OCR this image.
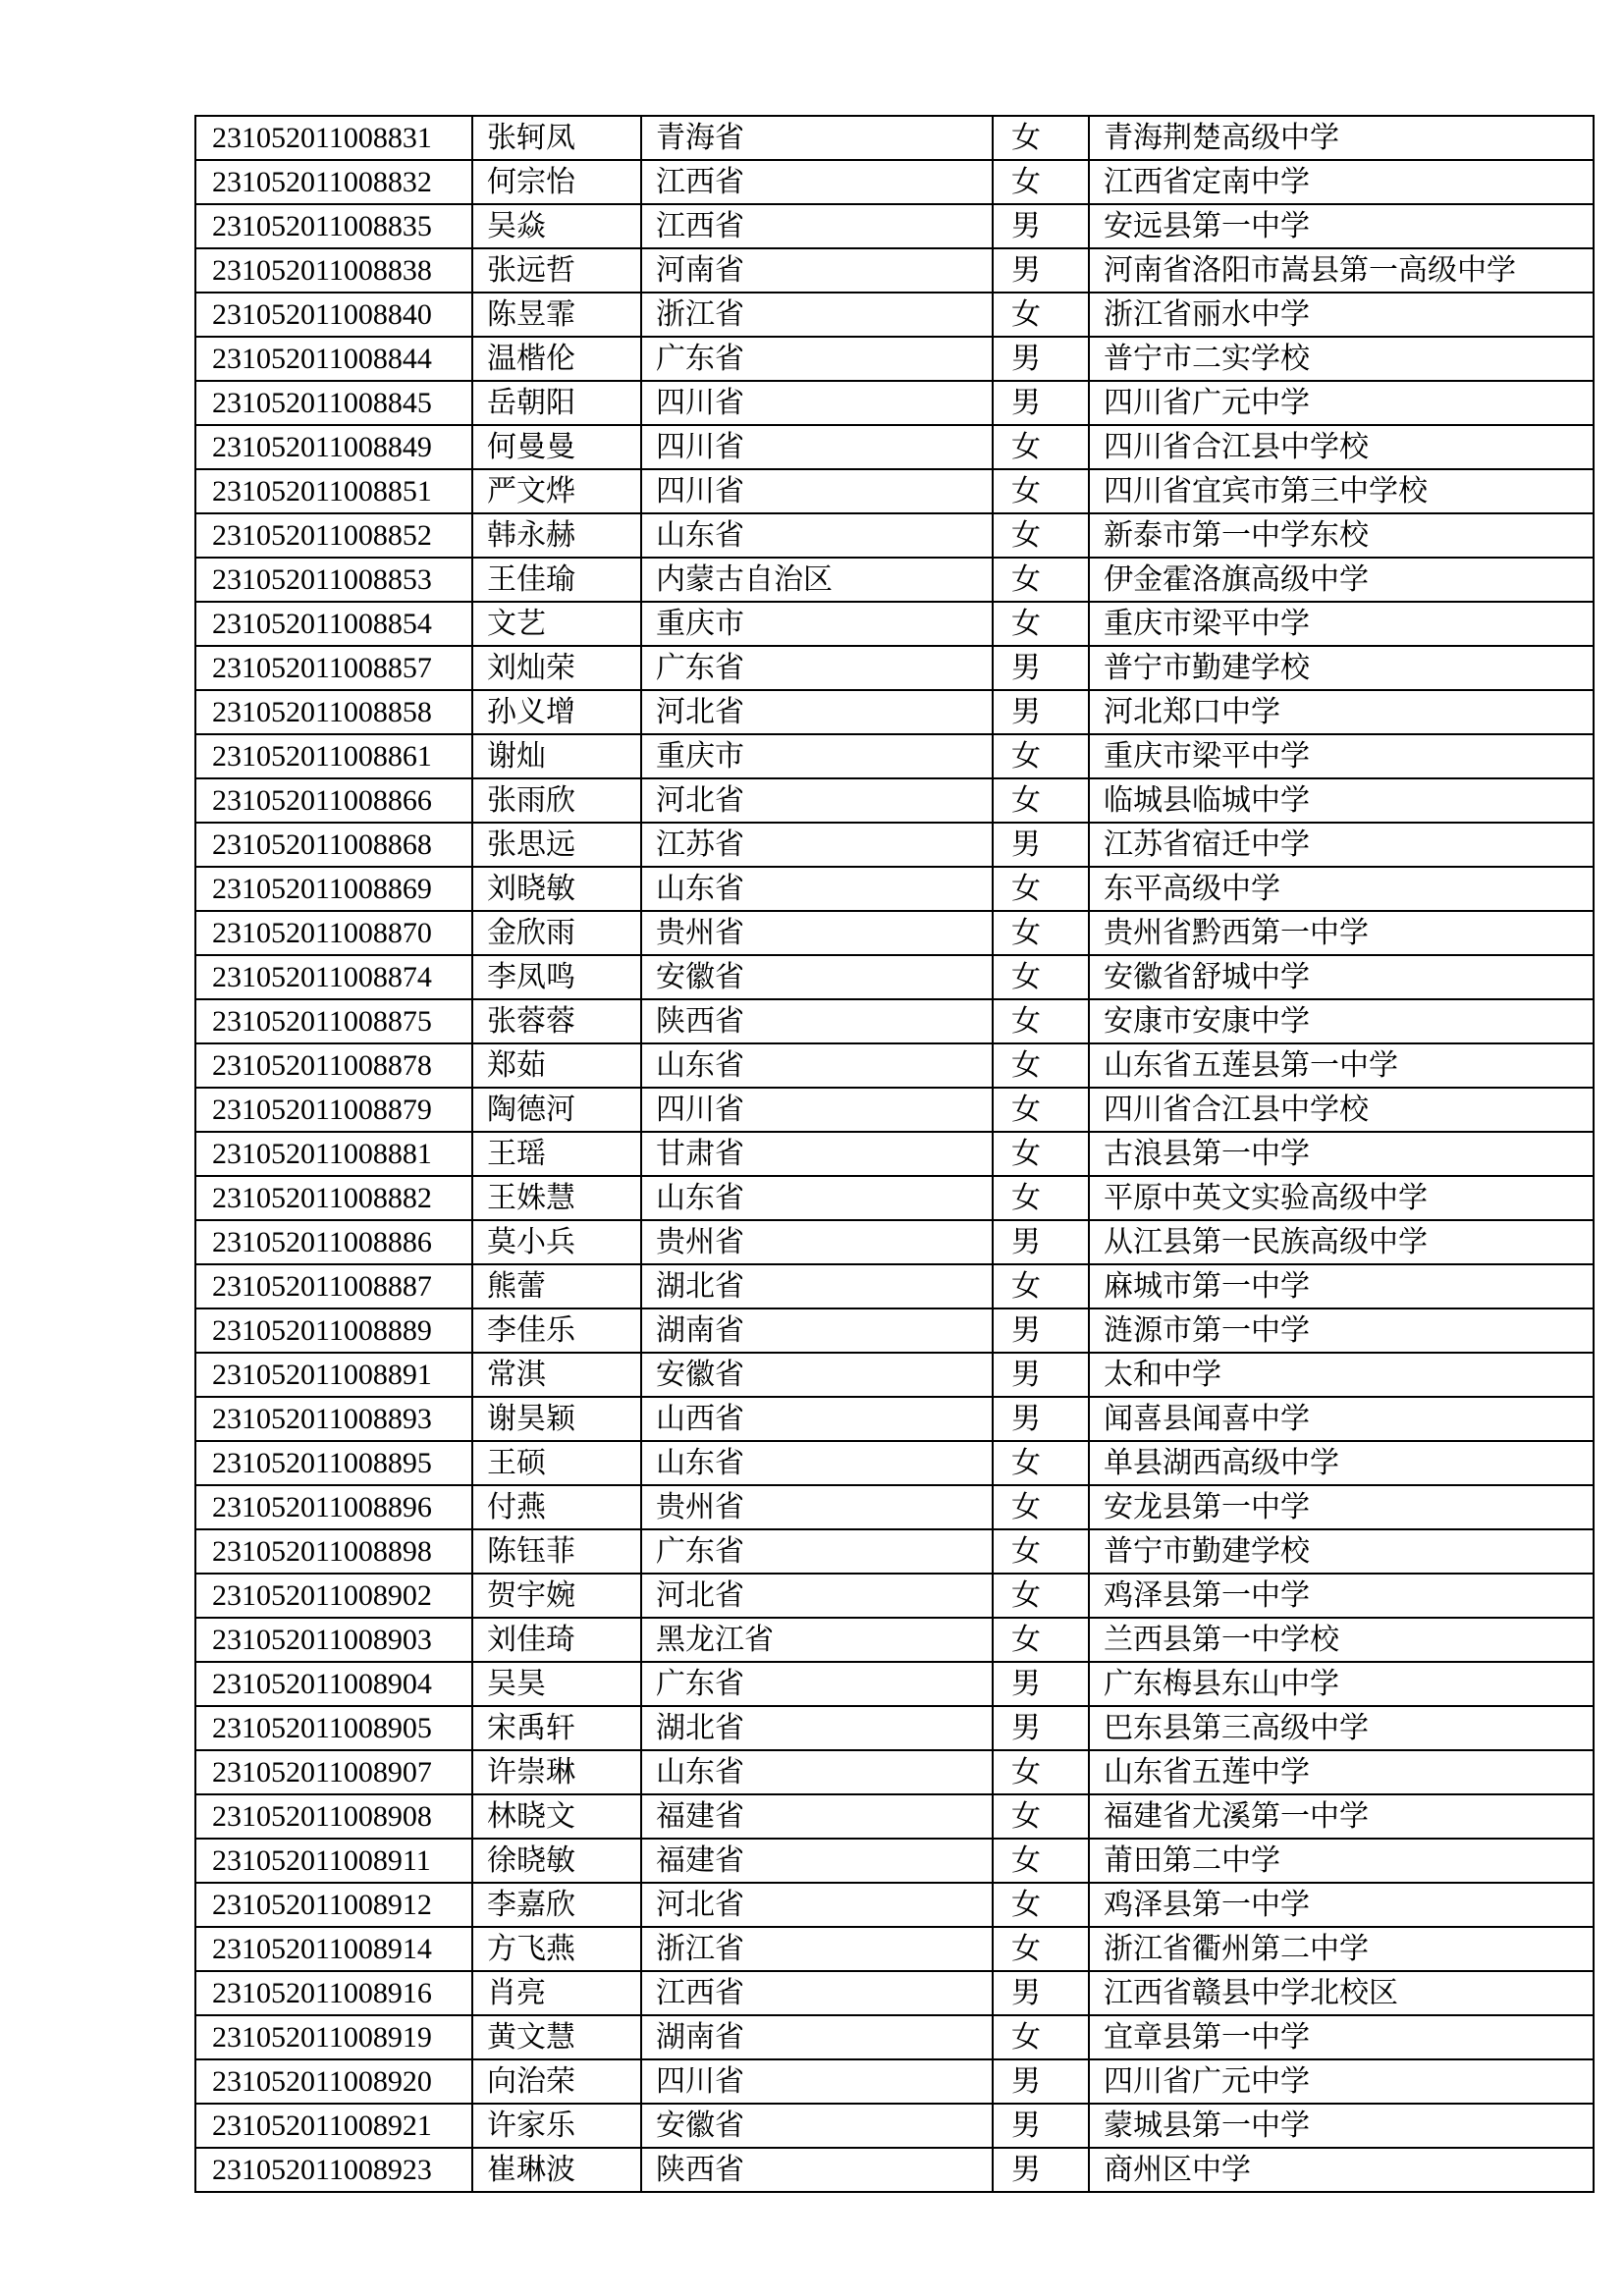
231052011008831	张轲凤	青海省	女	青海荆楚高级中学
231052011008832	何宗怡	江西省	女	江西省定南中学
231052011008835	吴焱	江西省	男	安远县第一中学
231052011008838	张远哲	河南省	男	河南省洛阳市嵩县第一高级中学
231052011008840	陈昱霏	浙江省	女	浙江省丽水中学
231052011008844	温楷伦	广东省	男	普宁市二实学校
231052011008845	岳朝阳	四川省	男	四川省广元中学
231052011008849	何曼曼	四川省	女	四川省合江县中学校
231052011008851	严文烨	四川省	女	四川省宜宾市第三中学校
231052011008852	韩永赫	山东省	女	新泰市第一中学东校
231052011008853	王佳瑜	内蒙古自治区	女	伊金霍洛旗高级中学
231052011008854	文艺	重庆市	女	重庆市梁平中学
231052011008857	刘灿荣	广东省	男	普宁市勤建学校
231052011008858	孙义增	河北省	男	河北郑口中学
231052011008861	谢灿	重庆市	女	重庆市梁平中学
231052011008866	张雨欣	河北省	女	临城县临城中学
231052011008868	张思远	江苏省	男	江苏省宿迁中学
231052011008869	刘晓敏	山东省	女	东平高级中学
231052011008870	金欣雨	贵州省	女	贵州省黔西第一中学
231052011008874	李凤鸣	安徽省	女	安徽省舒城中学
231052011008875	张蓉蓉	陕西省	女	安康市安康中学
231052011008878	郑茹	山东省	女	山东省五莲县第一中学
231052011008879	陶德河	四川省	女	四川省合江县中学校
231052011008881	王瑶	甘肃省	女	古浪县第一中学
231052011008882	王姝慧	山东省	女	平原中英文实验高级中学
231052011008886	莫小兵	贵州省	男	从江县第一民族高级中学
231052011008887	熊蕾	湖北省	女	麻城市第一中学
231052011008889	李佳乐	湖南省	男	涟源市第一中学
231052011008891	常淇	安徽省	男	太和中学
231052011008893	谢昊颖	山西省	男	闻喜县闻喜中学
231052011008895	王硕	山东省	女	单县湖西高级中学
231052011008896	付燕	贵州省	女	安龙县第一中学
231052011008898	陈钰菲	广东省	女	普宁市勤建学校
231052011008902	贺宇婉	河北省	女	鸡泽县第一中学
231052011008903	刘佳琦	黑龙江省	女	兰西县第一中学校
231052011008904	吴昊	广东省	男	广东梅县东山中学
231052011008905	宋禹轩	湖北省	男	巴东县第三高级中学
231052011008907	许崇琳	山东省	女	山东省五莲中学
231052011008908	林晓文	福建省	女	福建省尤溪第一中学
231052011008911	徐晓敏	福建省	女	莆田第二中学
231052011008912	李嘉欣	河北省	女	鸡泽县第一中学
231052011008914	方飞燕	浙江省	女	浙江省衢州第二中学
231052011008916	肖亮	江西省	男	江西省赣县中学北校区
231052011008919	黄文慧	湖南省	女	宜章县第一中学
231052011008920	向治荣	四川省	男	四川省广元中学
231052011008921	许家乐	安徽省	男	蒙城县第一中学
231052011008923	崔琳波	陕西省	男	商州区中学
